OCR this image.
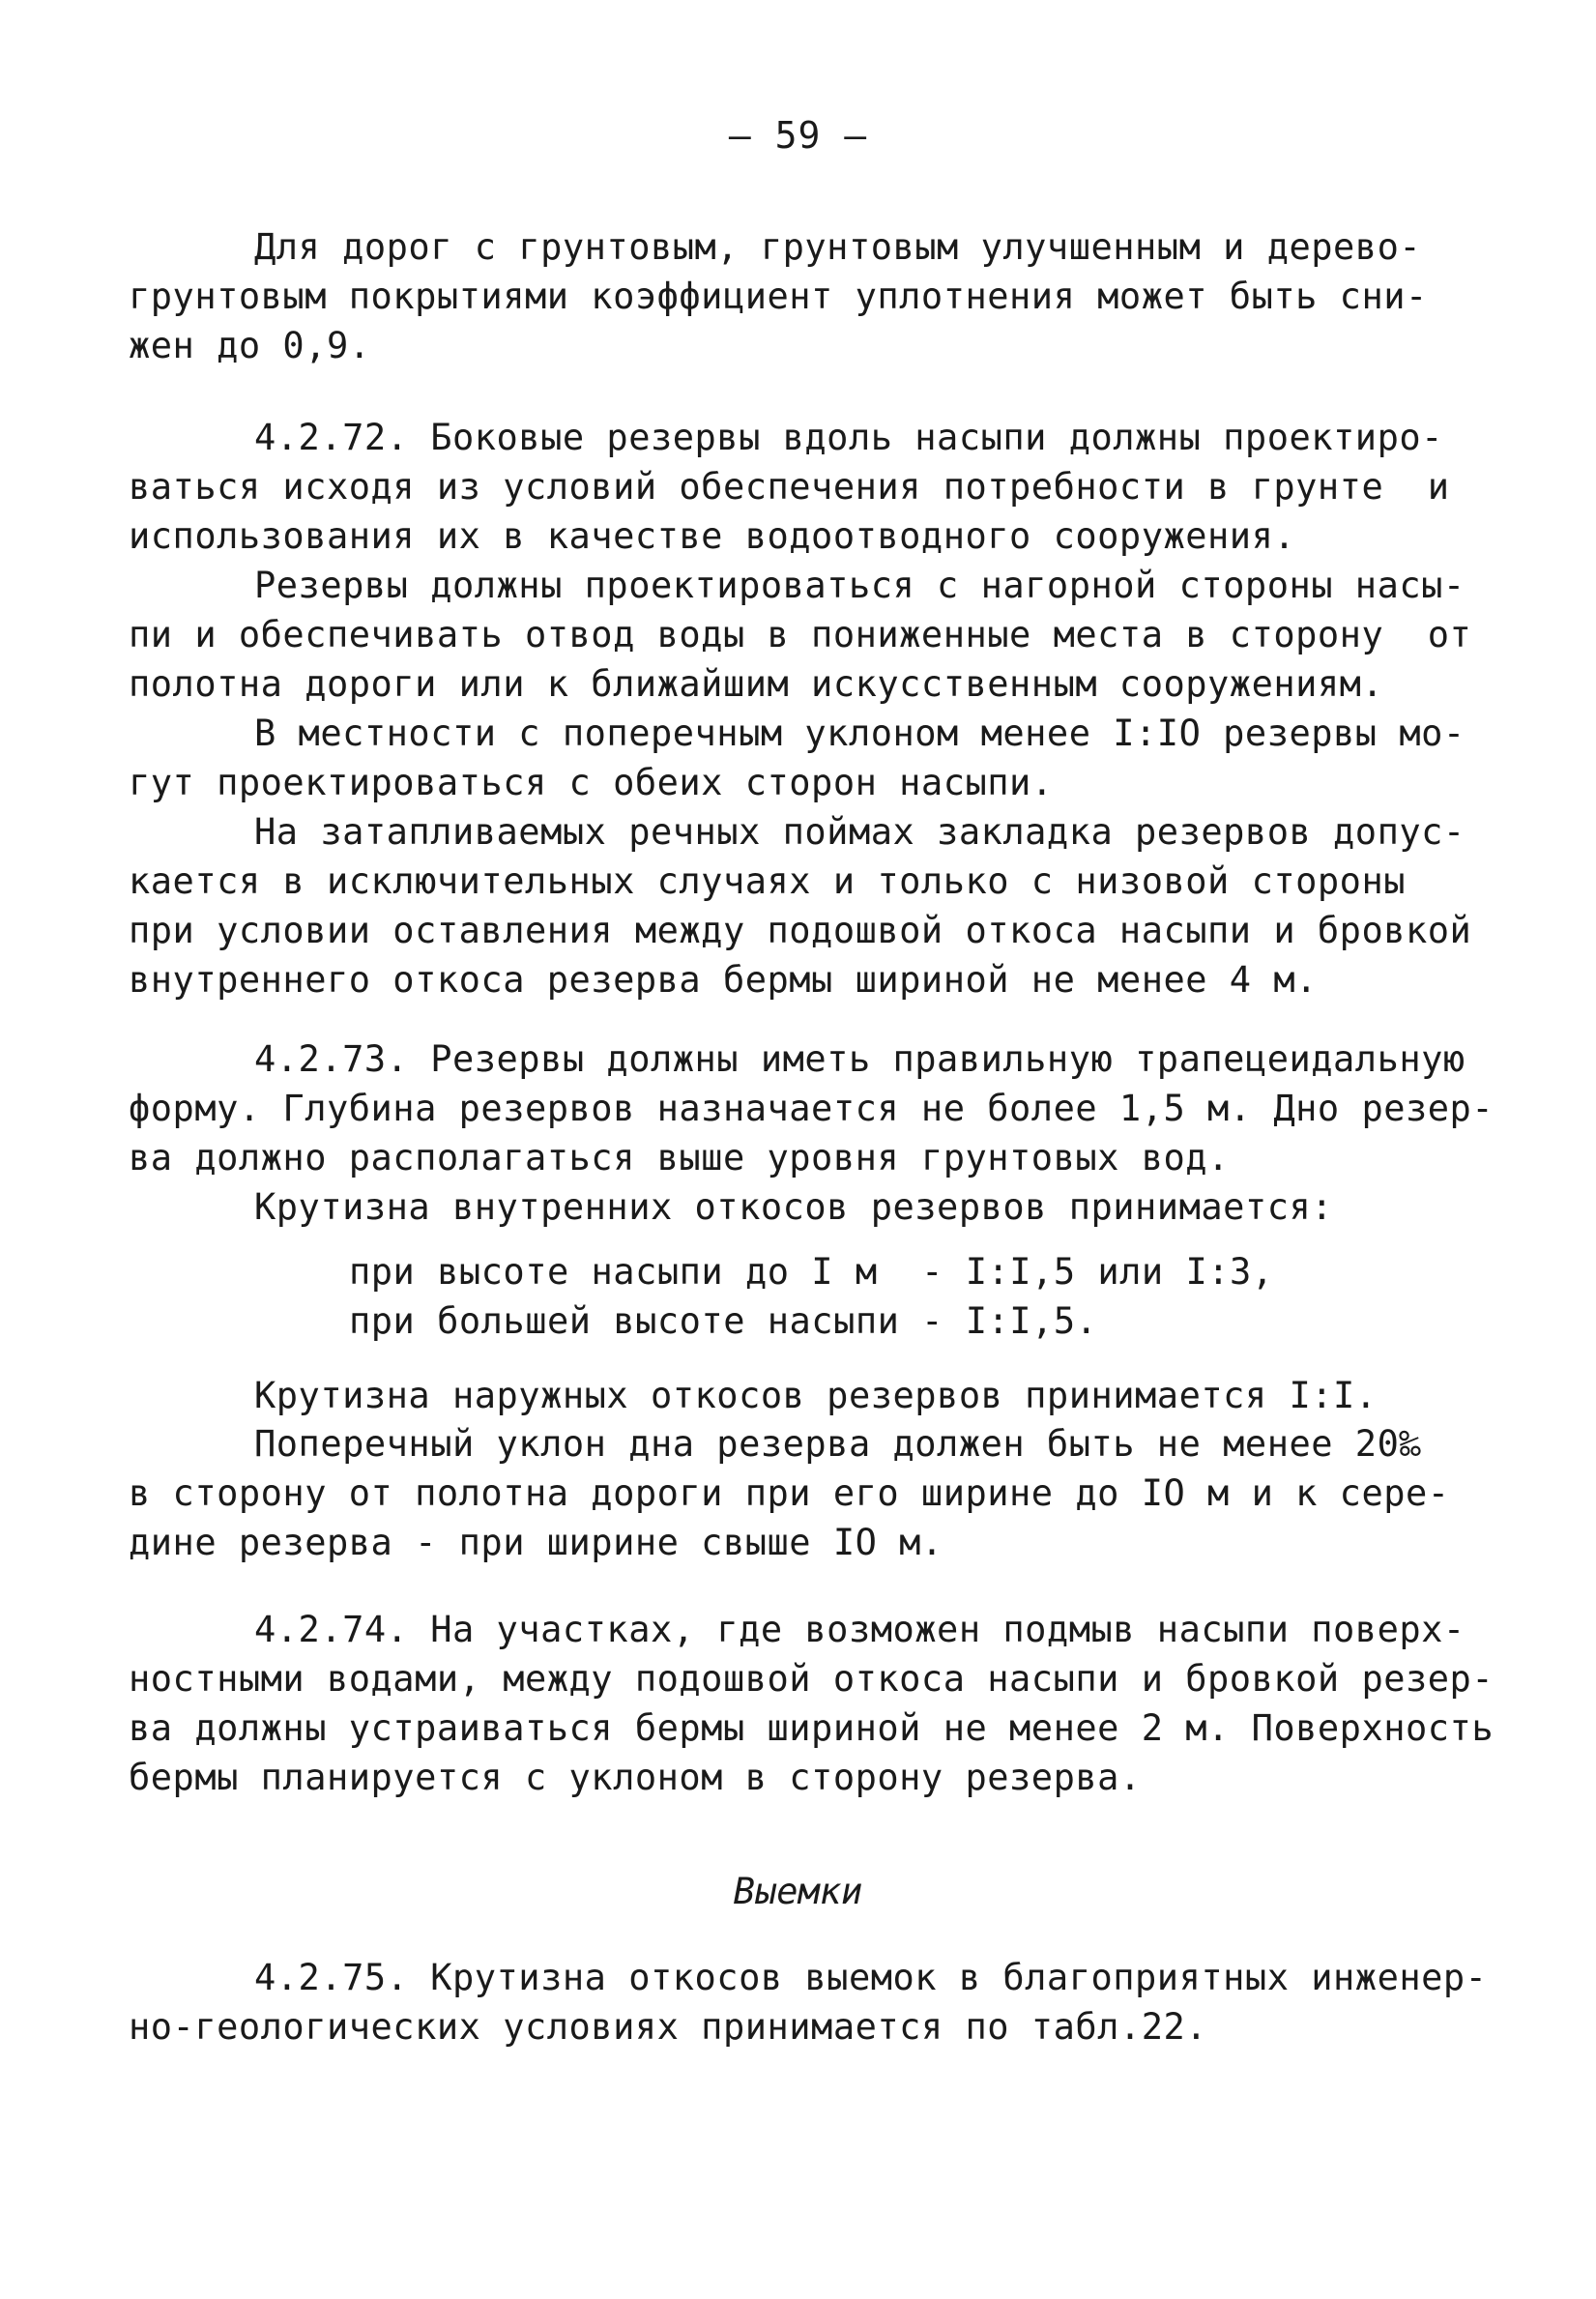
— 59 —
Для дорог с грунтовым, грунтовым улучшенным и дерево-
грунтовым покрытиями коэффициент уплотнения может быть сни-
жен до 0,9.
4.2.72. Боковые резервы вдоль насыпи должны проектиро-
ваться исходя из условий обеспечения потребности в грунте  и
использования их в качестве водоотводного сооружения.
Резервы должны проектироваться с нагорной стороны насы-
пи и обеспечивать отвод воды в пониженные места в сторону  от
полотна дороги или к ближайшим искусственным сооружениям.
В местности с поперечным уклоном менее I:IO резервы мо-
гут проектироваться с обеих сторон насыпи.
На затапливаемых речных поймах закладка резервов допус-
кается в исключительных случаях и только с низовой стороны
при условии оставления между подошвой откоса насыпи и бровкой
внутреннего откоса резерва бермы шириной не менее 4 м.
4.2.73. Резервы должны иметь правильную трапецеидальную
форму. Глубина резервов назначается не более 1,5 м. Дно резер-
ва должно располагаться выше уровня грунтовых вод.
Крутизна внутренних откосов резервов принимается:
при высоте насыпи до I м  - I:I,5 или I:3,
при большей высоте насыпи - I:I,5.
Крутизна наружных откосов резервов принимается I:I.
Поперечный уклон дна резерва должен быть не менее 20‰
в сторону от полотна дороги при его ширине до IO м и к сере-
дине резерва - при ширине свыше IO м.
4.2.74. На участках, где возможен подмыв насыпи поверх-
ностными водами, между подошвой откоса насыпи и бровкой резер-
ва должны устраиваться бермы шириной не менее 2 м. Поверхность
бермы планируется с уклоном в сторону резерва.
Выемки
4.2.75. Крутизна откосов выемок в благоприятных инженер-
но-геологических условиях принимается по табл.22.
